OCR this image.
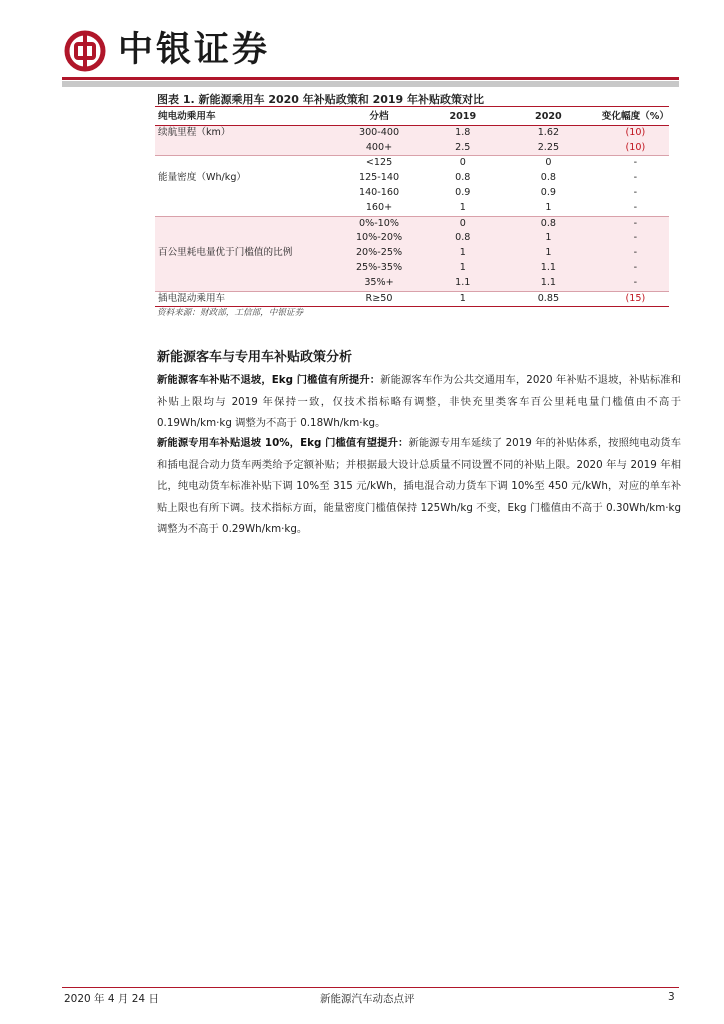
中银证券
图表 1. 新能源乘用车 2020 年补贴政策和 2019 年补贴政策对比
纯电动乘用车	分档	2019	2020	变化幅度（%）
续航里程（km）	300-400	1.8	1.62	(10)
	400+	2.5	2.25	(10)
	<125	0	0	-
能量密度（Wh/kg）	125-140	0.8	0.8	-
	140-160	0.9	0.9	-
	160+	1	1	-
	0%-10%	0	0.8	-
	10%-20%	0.8	1	-
百公里耗电量优于门槛值的比例	20%-25%	1	1	-
	25%-35%	1	1.1	-
	35%+	1.1	1.1	-
插电混动乘用车	R≥50	1	0.85	(15)
资料来源：财政部，工信部，中银证券
新能源客车与专用车补贴政策分析
新能源客车补贴不退坡，Ekg 门槛值有所提升：新能源客车作为公共交通用车，2020 年补贴不退坡，补贴标准和补贴上限均与 2019 年保持一致，仅技术指标略有调整，非快充里类客车百公里耗电量门槛值由不高于 0.19Wh/km·kg 调整为不高于 0.18Wh/km·kg。
新能源专用车补贴退坡 10%，Ekg 门槛值有望提升：新能源专用车延续了 2019 年的补贴体系，按照纯电动货车和插电混合动力货车两类给予定额补贴；并根据最大设计总质量不同设置不同的补贴上限。2020 年与 2019 年相比，纯电动货车标准补贴下调 10%至 315 元/kWh，插电混合动力货车下调 10%至 450 元/kWh，对应的单车补贴上限也有所下调。技术指标方面，能量密度门槛值保持 125Wh/kg 不变，Ekg 门槛值由不高于 0.30Wh/km·kg 调整为不高于 0.29Wh/km·kg。
2020 年 4 月 24 日	新能源汽车动态点评	3
